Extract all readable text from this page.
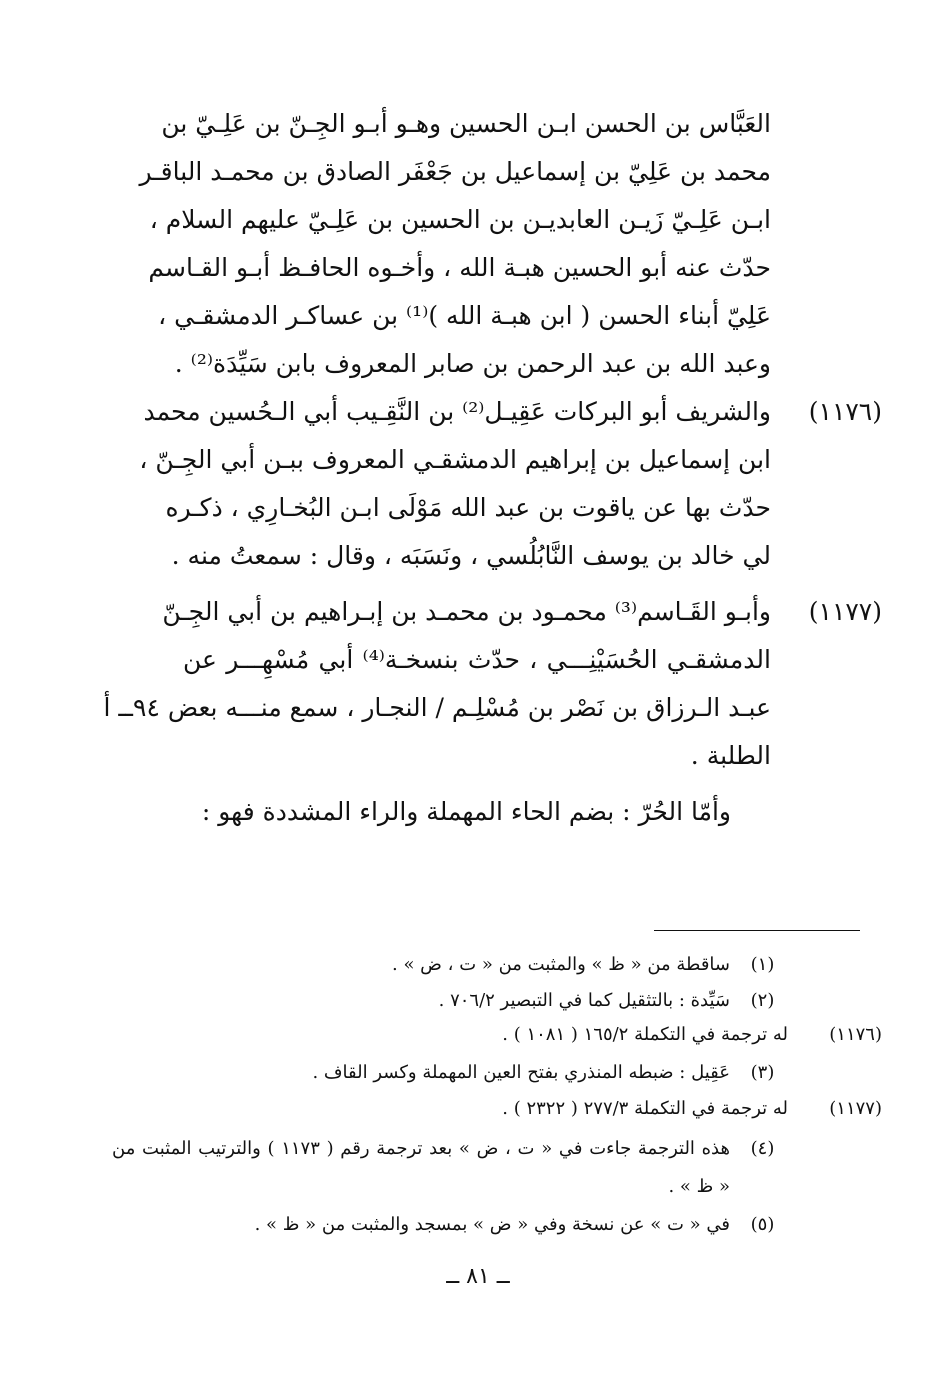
العَبَّاس بن الحسن ابـن الحسين وهـو أبـو الجِـنّ بن عَلِـيّ بن
محمد بن عَلِيّ بن إسماعيل بن جَعْفَر الصادق بن محمـد الباقـر
ابـن عَلِـيّ زَيـن العابديـن بن الحسين بن عَلِـيّ عليهم السلام ،
حدّث عنه أبو الحسين هبـة الله ، وأخـوه الحافـظ أبـو القـاسم
عَلِيّ أبناء الحسن ( ابن هبـة الله )⁽¹⁾ بن عساكـر الدمشقـي ،
وعبد الله بن عبد الرحمن بن صابر المعروف بابن سَيِّدَة⁽²⁾ .
(١١٧٦)
والشريف أبو البركات عَقِيـل⁽²⁾ بن النَّقِـيب أبي الـحُسين محمد
ابن إسماعيل بن إبراهيم الدمشقـي المعروف ببـن أبي الجِـنّ ،
حدّث بها عن ياقوت بن عبد الله مَوْلَى ابـن البُخـارِي ، ذكـره
لي خالد بن يوسف النَّابُلُسي ، ونَسَبَه ، وقال : سمعتُ منه .
(١١٧٧)
وأبـو القَـاسم⁽³⁾ محمـود بن محمـد بن إبـراهيم بن أبي الجِـنّ
الدمشقـي الحُسَيْنِـــي ، حدّث بنسخـة⁽⁴⁾ أبي مُسْهِـــر عن
عبـد الـرزاق بن نَصْر بن مُسْلِـم / النجـار ، سمع منـــه بعض ٩٤ــ أ
الطلبة .
وأمّا الحُرّ : بضم الحاء المهملة والراء المشددة فهو :
(١)
ساقطة من « ظ » والمثبت من « ت ، ض » .
(٢)
سَيِّدة : بالتثقيل كما في التبصير ٧٠٦/٢ .
(١١٧٦)
له ترجمة في التكملة ١٦٥/٢ ( ١٠٨١ ) .
(٣)
عَقِيل : ضبطه المنذري بفتح العين المهملة وكسر القاف .
(١١٧٧)
له ترجمة في التكملة ٢٧٧/٣ ( ٢٣٢٢ ) .
(٤)
هذه الترجمة جاءت في « ت ، ض » بعد ترجمة رقم ( ١١٧٣ ) والترتيب المثبت من
« ظ » .
(٥)
في « ت » عن نسخة وفي « ض » بمسجد والمثبت من « ظ » .
ــ ٨١ ــ
